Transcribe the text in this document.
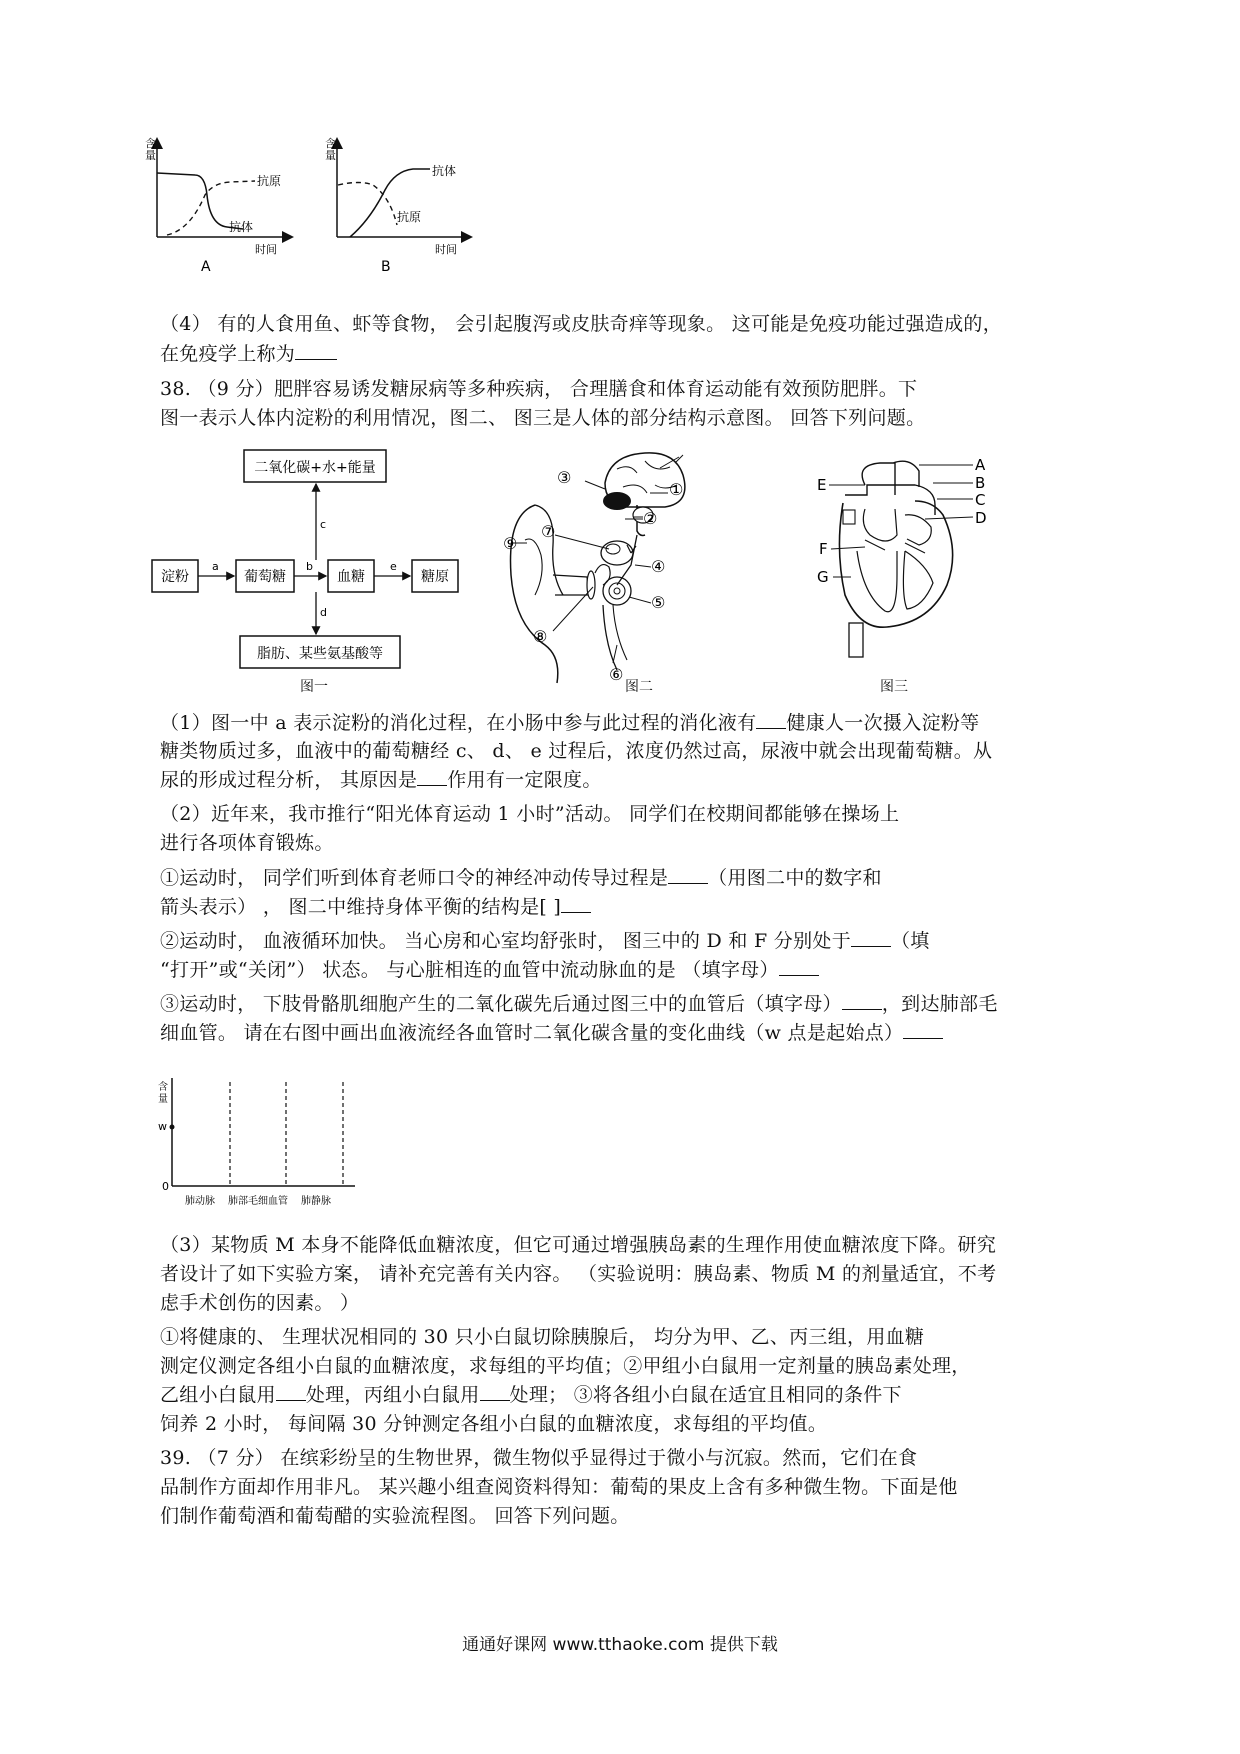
含
量
抗原
抗体
时间
A
含
量
抗体
抗原
时间
B
（4） 有的人食用鱼、虾等食物， 会引起腹泻或皮肤奇痒等现象。 这可能是免疫功能过强造成的，
在免疫学上称为
38. （9 分）肥胖容易诱发糖尿病等多种疾病， 合理膳食和体育运动能有效预防肥胖。下
图一表示人体内淀粉的利用情况，图二、 图三是人体的部分结构示意图。 回答下列问题。
二氧化碳+水+能量
淀粉	葡萄糖	血糖	糖原
脂肪、某些氨基酸等
a	b	e
c
d
图一
①
②
③
④
⑤
⑥
⑦
⑧
⑨
图二
A
B
C
D
E
F
G
图三
（1）图一中 a 表示淀粉的消化过程，在小肠中参与此过程的消化液有 健康人一次摄入淀粉等
糖类物质过多，血液中的葡萄糖经 c、 d、 e 过程后，浓度仍然过高，尿液中就会出现葡萄糖。从
尿的形成过程分析， 其原因是 作用有一定限度。
（2）近年来，我市推行“阳光体育运动 1 小时”活动。 同学们在校期间都能够在操场上
进行各项体育锻炼。
①运动时， 同学们听到体育老师口令的神经冲动传导过程是 （用图二中的数字和
箭头表示） ， 图二中维持身体平衡的结构是[ ]
②运动时， 血液循环加快。 当心房和心室均舒张时， 图三中的 D 和 F 分别处于 （填
“打开”或“关闭”） 状态。 与心脏相连的血管中流动脉血的是 （填字母）
③运动时， 下肢骨骼肌细胞产生的二氧化碳先后通过图三中的血管后（填字母） ，到达肺部毛
细血管。 请在右图中画出血液流经各血管时二氧化碳含量的变化曲线（w 点是起始点）
含
量
w
0
肺动脉 肺部毛细血管 肺静脉
（3）某物质 M 本身不能降低血糖浓度，但它可通过增强胰岛素的生理作用使血糖浓度下降。研究
者设计了如下实验方案， 请补充完善有关内容。 （实验说明：胰岛素、物质 M 的剂量适宜，不考
虑手术创伤的因素。 ）
①将健康的、 生理状况相同的 30 只小白鼠切除胰腺后， 均分为甲、乙、丙三组，用血糖
测定仪测定各组小白鼠的血糖浓度，求每组的平均值；②甲组小白鼠用一定剂量的胰岛素处理，
乙组小白鼠用 处理，丙组小白鼠用 处理； ③将各组小白鼠在适宜且相同的条件下
饲养 2 小时， 每间隔 30 分钟测定各组小白鼠的血糖浓度，求每组的平均值。
39. （7 分） 在缤彩纷呈的生物世界，微生物似乎显得过于微小与沉寂。然而，它们在食
品制作方面却作用非凡。 某兴趣小组查阅资料得知：葡萄的果皮上含有多种微生物。下面是他
们制作葡萄酒和葡萄醋的实验流程图。 回答下列问题。
通通好课网 www.tthaoke.com 提供下载
